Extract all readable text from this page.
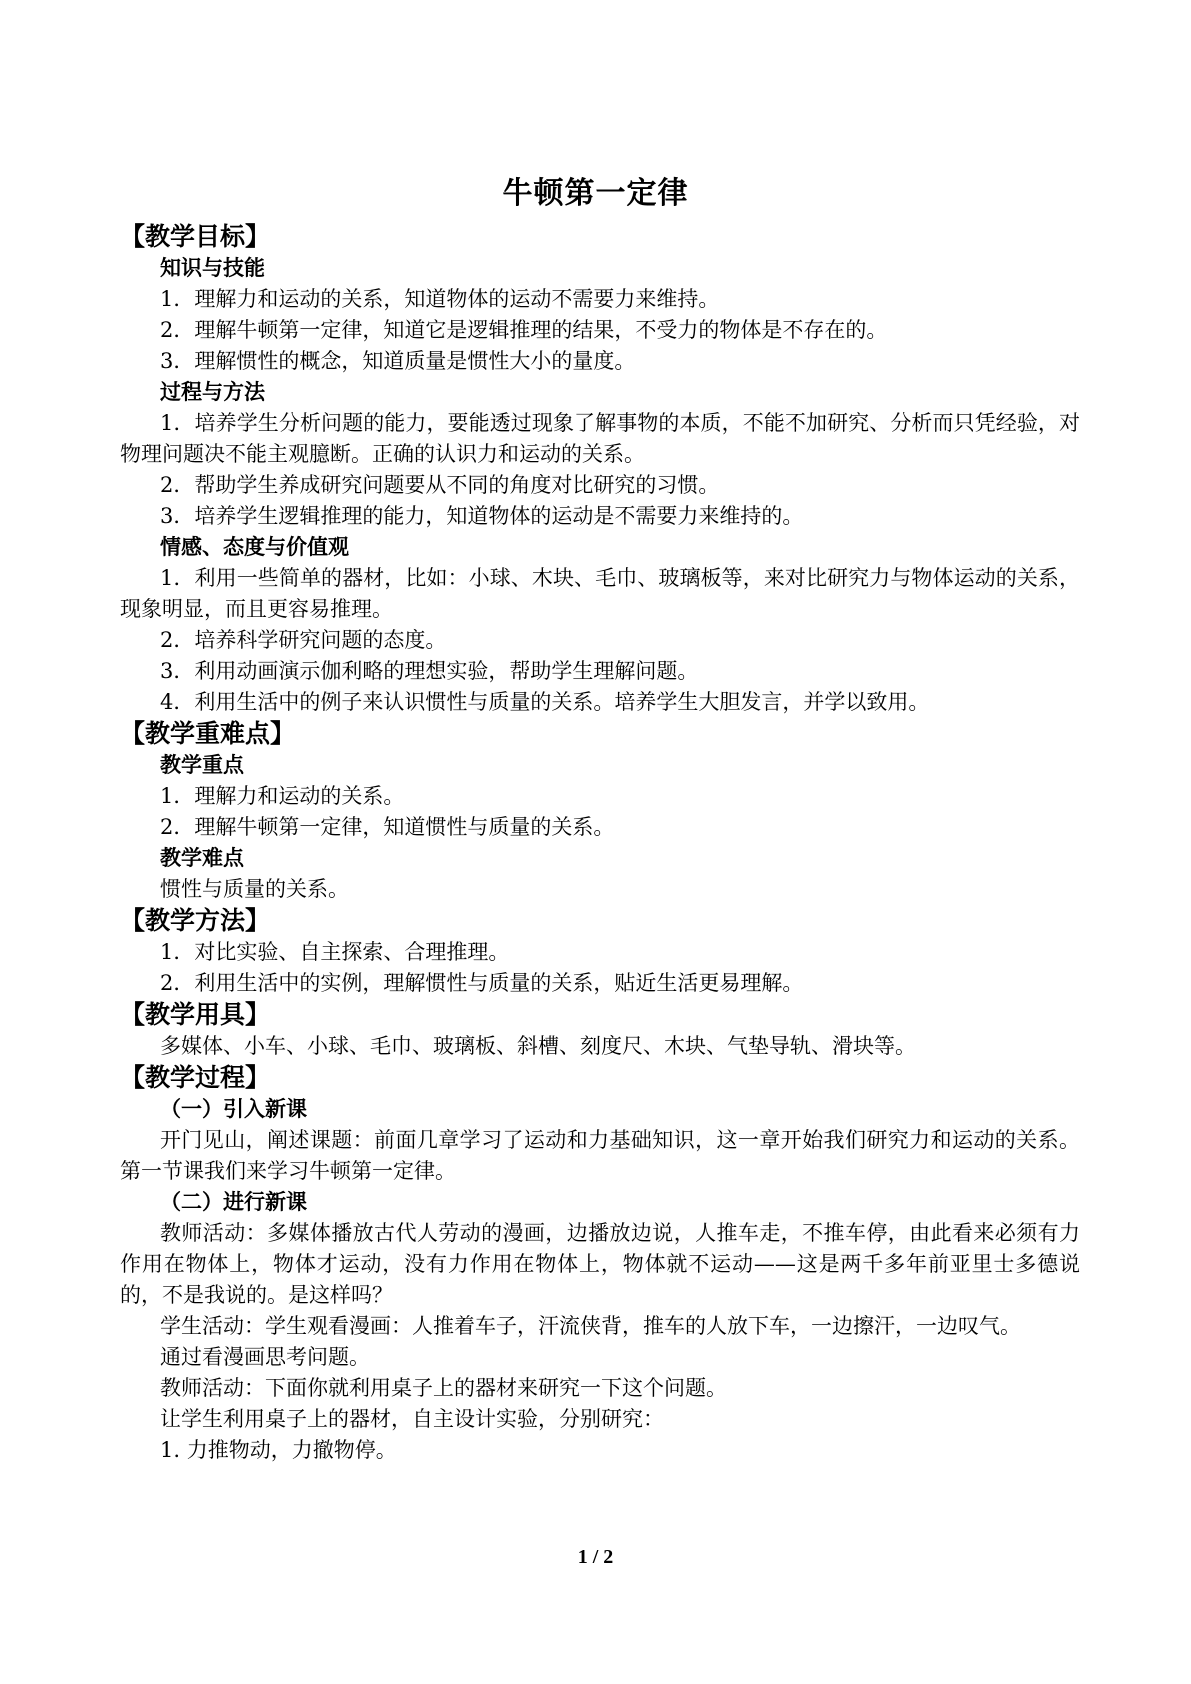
牛顿第一定律
【教学目标】
知识与技能

1．理解力和运动的关系，知道物体的运动不需要力来维持。

2．理解牛顿第一定律，知道它是逻辑推理的结果，不受力的物体是不存在的。

3．理解惯性的概念，知道质量是惯性大小的量度。

过程与方法

1．培养学生分析问题的能力，要能透过现象了解事物的本质，不能不加研究、分析而只凭经验，对物理问题决不能主观臆断。正确的认识力和运动的关系。

2．帮助学生养成研究问题要从不同的角度对比研究的习惯。

3．培养学生逻辑推理的能力，知道物体的运动是不需要力来维持的。

情感、态度与价值观

1．利用一些简单的器材，比如：小球、木块、毛巾、玻璃板等，来对比研究力与物体运动的关系，现象明显，而且更容易推理。

2．培养科学研究问题的态度。

3．利用动画演示伽利略的理想实验，帮助学生理解问题。

4．利用生活中的例子来认识惯性与质量的关系。培养学生大胆发言，并学以致用。

【教学重难点】
教学重点

1．理解力和运动的关系。

2．理解牛顿第一定律，知道惯性与质量的关系。

教学难点

惯性与质量的关系。

【教学方法】

1．对比实验、自主探索、合理推理。

2．利用生活中的实例，理解惯性与质量的关系，贴近生活更易理解。

【教学用具】

多媒体、小车、小球、毛巾、玻璃板、斜槽、刻度尺、木块、气垫导轨、滑块等。

【教学过程】
（一）引入新课

开门见山，阐述课题：前面几章学习了运动和力基础知识，这一章开始我们研究力和运动的关系。第一节课我们来学习牛顿第一定律。

（二）进行新课

教师活动：多媒体播放古代人劳动的漫画，边播放边说，人推车走，不推车停，由此看来必须有力作用在物体上，物体才运动，没有力作用在物体上，物体就不运动——这是两千多年前亚里士多德说的，不是我说的。是这样吗？

学生活动：学生观看漫画：人推着车子，汗流侠背，推车的人放下车，一边擦汗，一边叹气。

通过看漫画思考问题。

教师活动：下面你就利用桌子上的器材来研究一下这个问题。

让学生利用桌子上的器材，自主设计实验，分别研究：

1. 力推物动，力撤物停。

1 / 2
